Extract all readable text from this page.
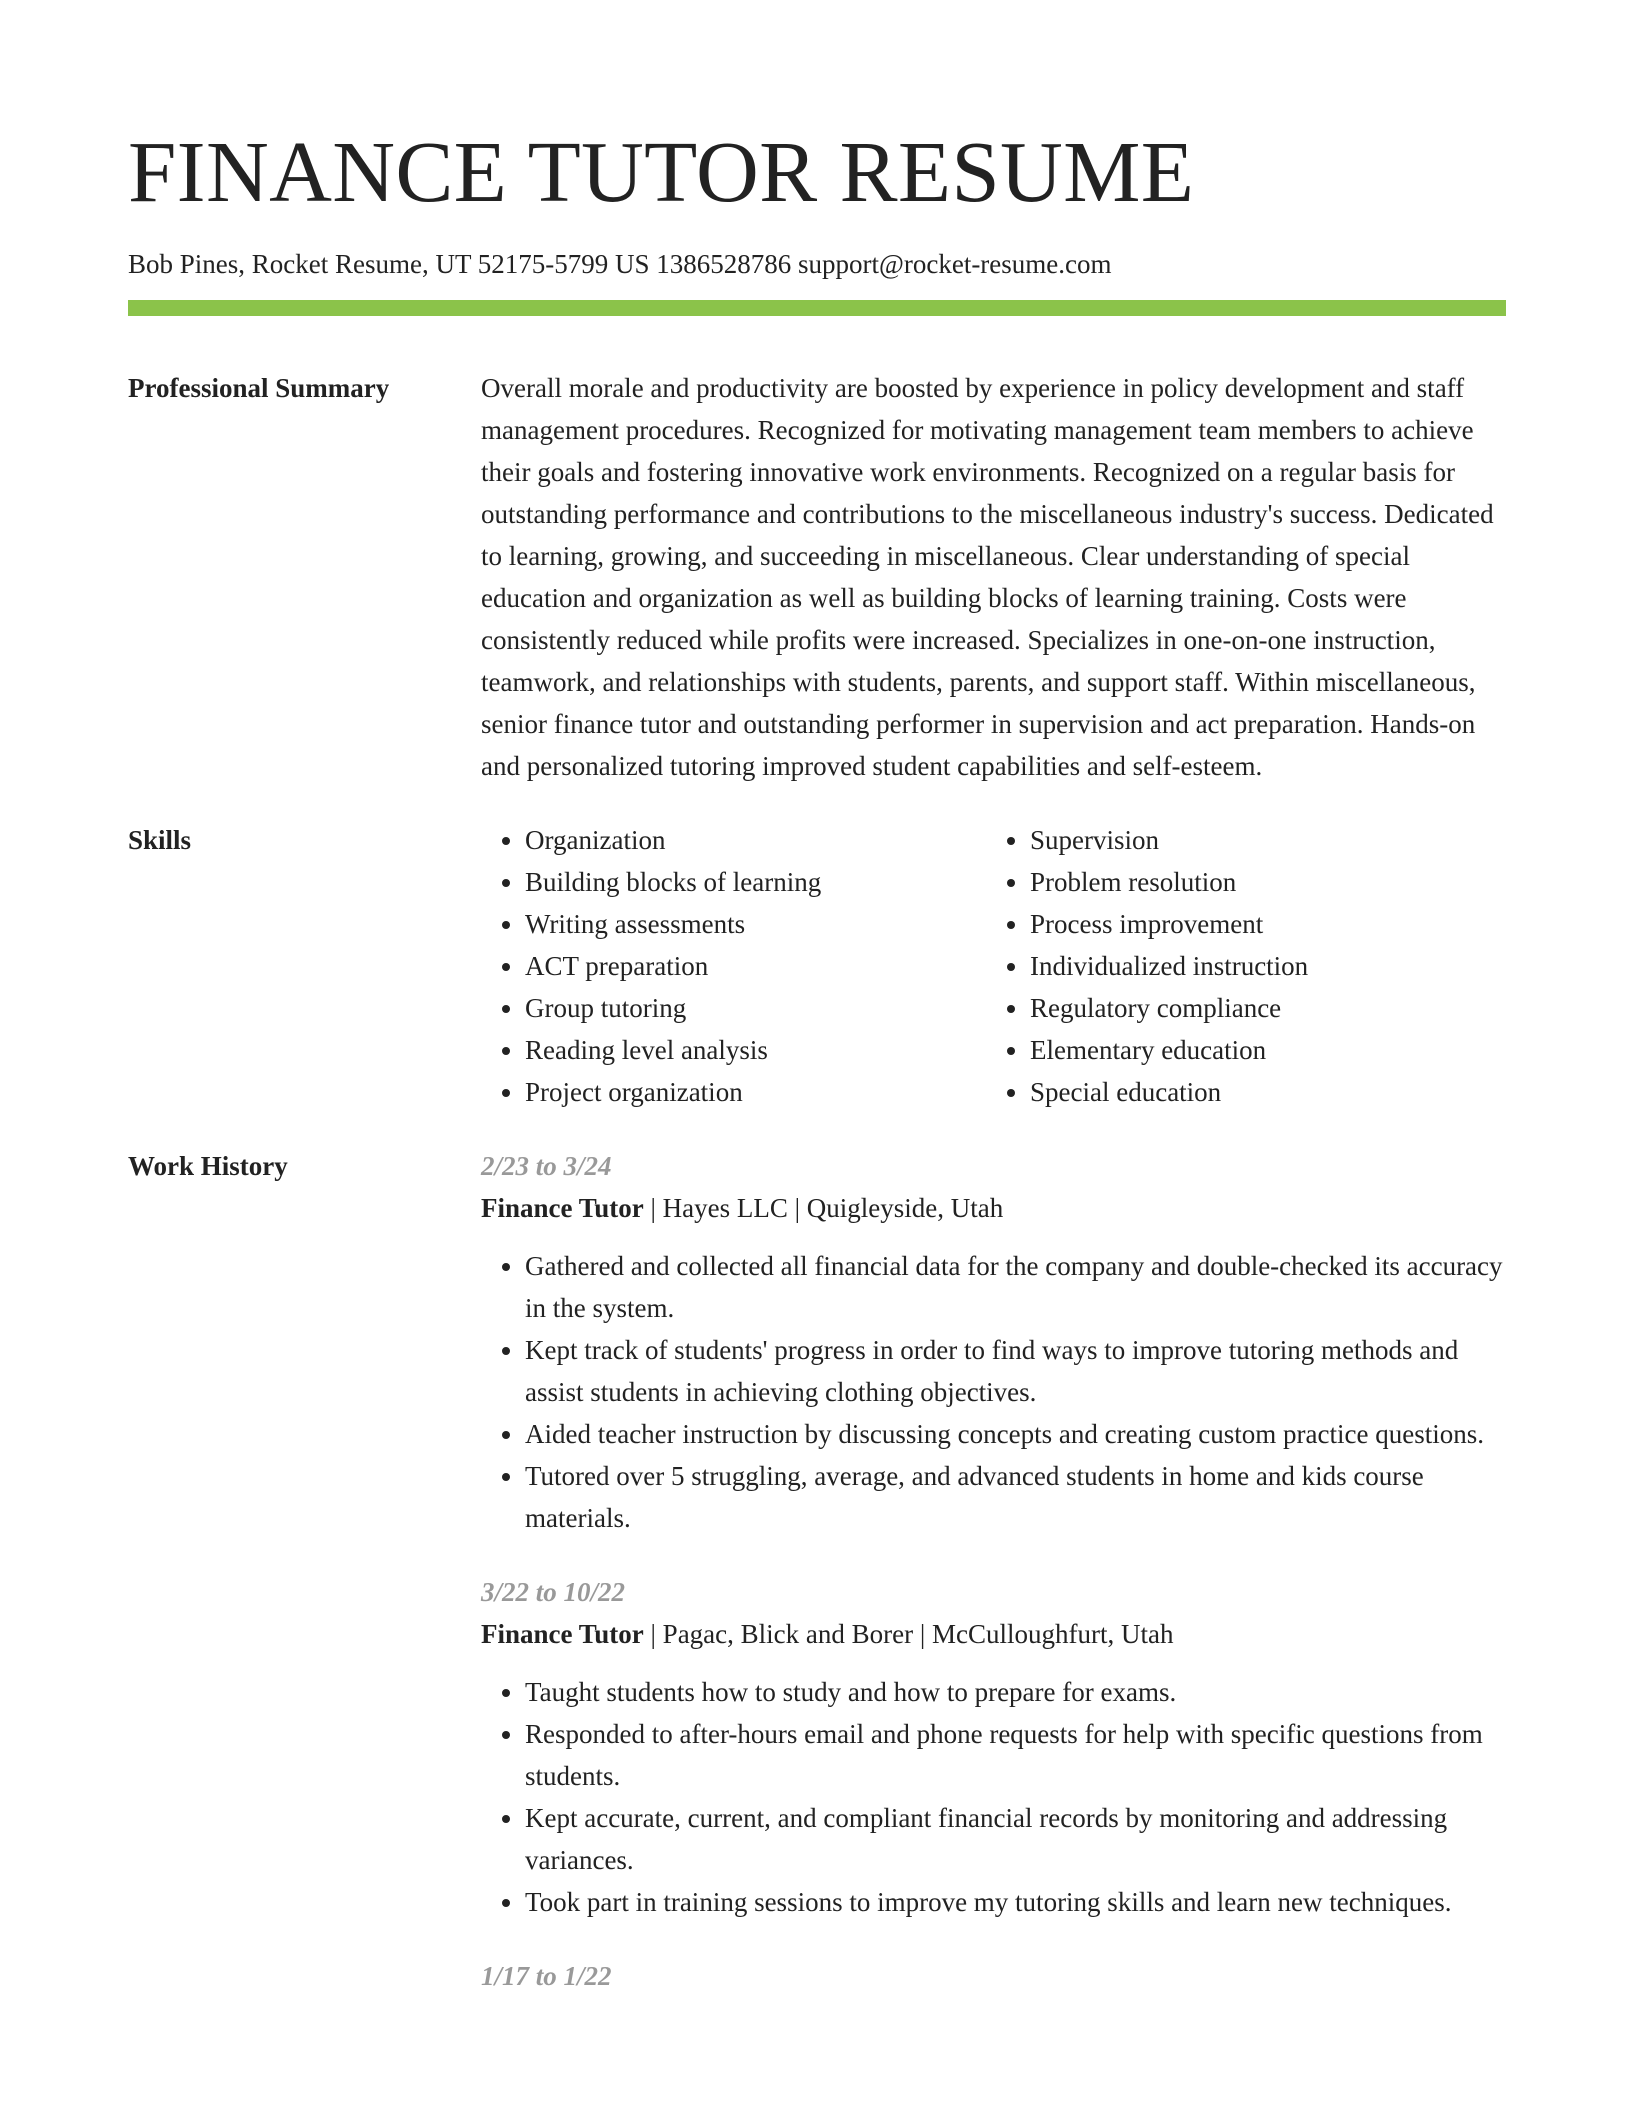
FINANCE TUTOR RESUME
Bob Pines, Rocket Resume, UT 52175-5799 US 1386528786 support@rocket-resume.com
Professional Summary	Overall morale and productivity are boosted by experience in policy development and staff management procedures. Recognized for motivating management team members to achieve their goals and fostering innovative work environments. Recognized on a regular basis for outstanding performance and contributions to the miscellaneous industry's success. Dedicated to learning, growing, and succeeding in miscellaneous. Clear understanding of special education and organization as well as building blocks of learning training. Costs were consistently reduced while profits were increased. Specializes in one-on-one instruction, teamwork, and relationships with students, parents, and support staff. Within miscellaneous, senior finance tutor and outstanding performer in supervision and act preparation. Hands-on and personalized tutoring improved student capabilities and self-esteem.
Skills
•	Organization
• Building blocks of learning
• Writing assessments
• ACT preparation
• Group tutoring
• Reading level analysis
• Project organization
• Supervision
• Problem resolution
• Process improvement
• Individualized instruction
• Regulatory compliance
• Elementary education
• Special education
Work History	2/23 to 3/24
Finance Tutor | Hayes LLC | Quigleyside, Utah
• Gathered and collected all financial data for the company and double-checked its accuracy in the system.
• Kept track of students' progress in order to find ways to improve tutoring methods and assist students in achieving clothing objectives.
• Aided teacher instruction by discussing concepts and creating custom practice questions.
• Tutored over 5 struggling, average, and advanced students in home and kids course materials.
3/22 to 10/22
Finance Tutor | Pagac, Blick and Borer | McCulloughfurt, Utah
• Taught students how to study and how to prepare for exams.
• Responded to after-hours email and phone requests for help with specific questions from students.
• Kept accurate, current, and compliant financial records by monitoring and addressing variances.
• Took part in training sessions to improve my tutoring skills and learn new techniques.
1/17 to 1/22
